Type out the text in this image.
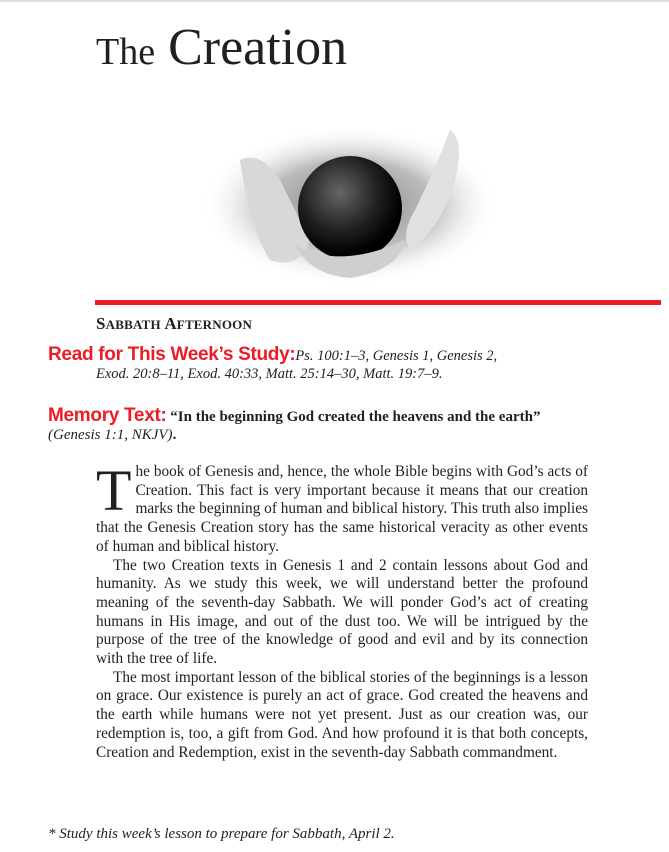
The Creation
SABBATH AFTERNOON
Read for This Week’s Study:Ps. 100:1–3, Genesis 1, Genesis 2,
Exod. 20:8–11, Exod. 40:33, Matt. 25:14–30, Matt. 19:7–9.
Memory Text: “In the beginning God created the heavens and the earth” (Genesis 1:1, NKJV).

The book of Genesis and, hence, the whole Bible begins with God’s acts of Creation. This fact is very important because it means that our creation marks the beginning of human and biblical history. This truth also implies that the Genesis Creation story has the same historical veracity as other events of human and biblical history.

The two Creation texts in Genesis 1 and 2 contain lessons about God and humanity. As we study this week, we will understand better the profound meaning of the seventh-day Sabbath. We will ponder God’s act of creating humans in His image, and out of the dust too. We will be intrigued by the purpose of the tree of the knowledge of good and evil and by its connection with the tree of life.

The most important lesson of the biblical stories of the beginnings is a lesson on grace. Our existence is purely an act of grace. God created the heavens and the earth while humans were not yet present. Just as our creation was, our redemption is, too, a gift from God. And how profound it is that both concepts, Creation and Redemption, exist in the seventh-day Sabbath commandment.

* Study this week’s lesson to prepare for Sabbath, April 2.
